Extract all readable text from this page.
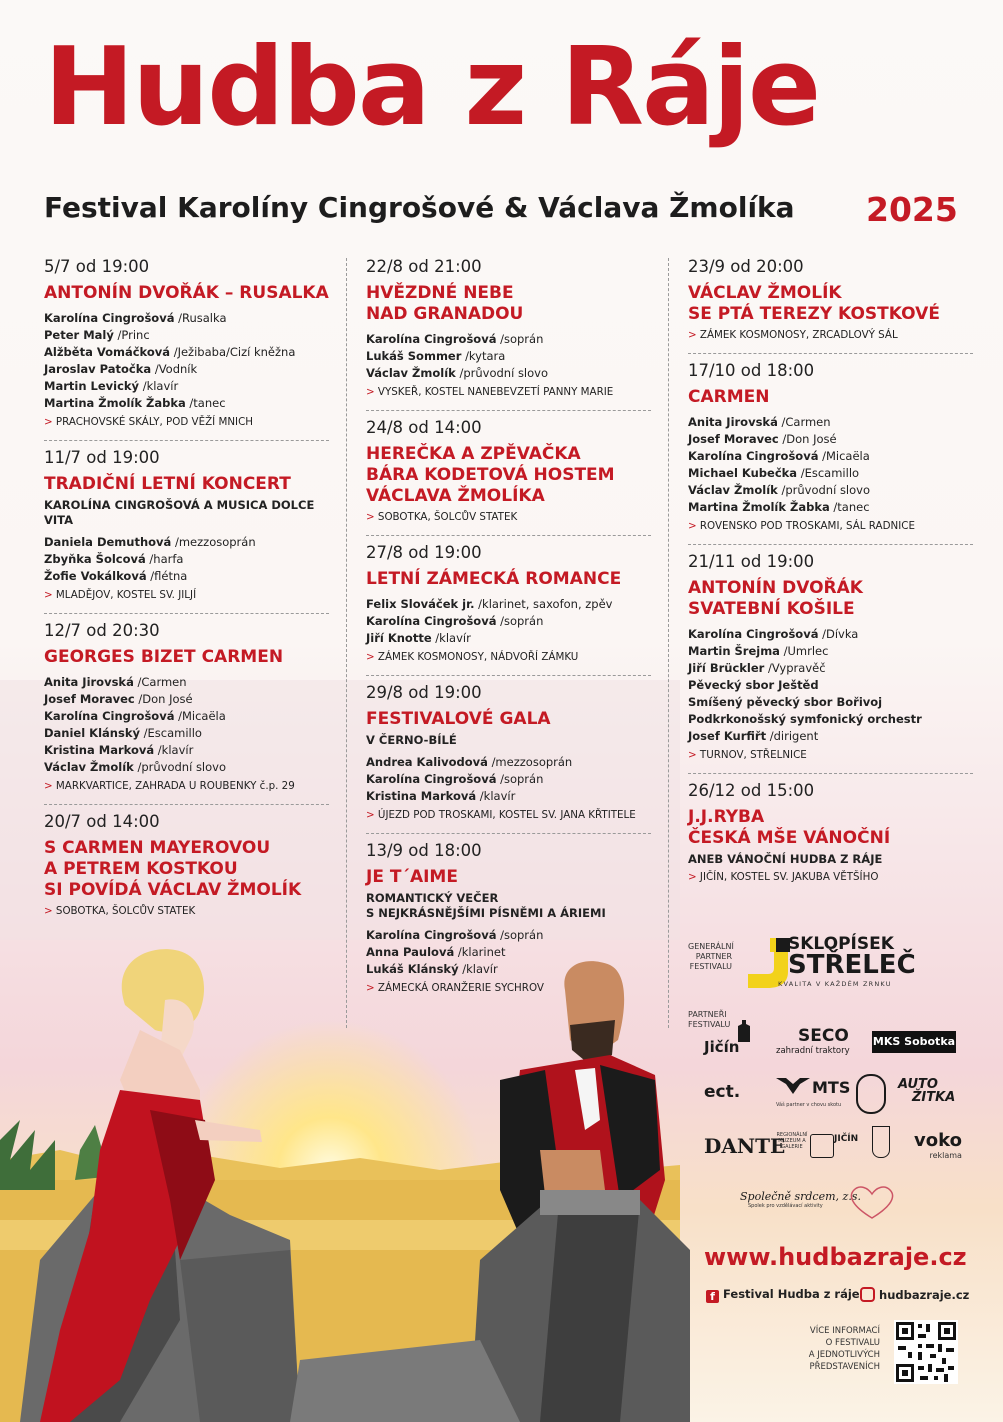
Hudba z Ráje
Festival Karolíny Cingrošové & Václava Žmolíka 2025
5/7 od 19:00
ANTONÍN DVOŘÁK – RUSALKA
Karolína Cingrošová /Rusalka
Peter Malý /Princ
Alžběta Vomáčková /Ježibaba/Cizí kněžna
Jaroslav Patočka /Vodník
Martin Levický /klavír
Martina Žmolík Žabka /tanec
> PRACHOVSKÉ SKÁLY, POD VĚŽÍ MNICH
11/7 od 19:00
TRADIČNÍ LETNÍ KONCERT
KAROLÍNA CINGROŠOVÁ A MUSICA DOLCE VITA
Daniela Demuthová /mezzosoprán
Zbyňka Šolcová /harfa
Žofie Vokálková /flétna
> MLADĚJOV, KOSTEL SV. JILJÍ
12/7 od 20:30
GEORGES BIZET CARMEN
Anita Jirovská /Carmen
Josef Moravec /Don José
Karolína Cingrošová /Micaëla
Daniel Klánský /Escamillo
Kristina Marková /klavír
Václav Žmolík /průvodní slovo
> MARKVARTICE, ZAHRADA U ROUBENKY č.p. 29
20/7 od 14:00
S CARMEN MAYEROVOU
A PETREM KOSTKOU
SI POVÍDÁ VÁCLAV ŽMOLÍK
> SOBOTKA, ŠOLCŮV STATEK
22/8 od 21:00
HVĚZDNÉ NEBE
NAD GRANADOU
Karolína Cingrošová /soprán
Lukáš Sommer /kytara
Václav Žmolík /průvodní slovo
> VYSKEŘ, KOSTEL NANEBEVZETÍ PANNY MARIE
24/8 od 14:00
HEREČKA A ZPĚVAČKA
BÁRA KODETOVÁ HOSTEM
VÁCLAVA ŽMOLÍKA
> SOBOTKA, ŠOLCŮV STATEK
27/8 od 19:00
LETNÍ ZÁMECKÁ ROMANCE
Felix Slováček jr. /klarinet, saxofon, zpěv
Karolína Cingrošová /soprán
Jiří Knotte /klavír
> ZÁMEK KOSMONOSY, NÁDVOŘÍ ZÁMKU
29/8 od 19:00
FESTIVALOVÉ GALA
V ČERNO-BÍLÉ
Andrea Kalivodová /mezzosoprán
Karolína Cingrošová /soprán
Kristina Marková /klavír
> ÚJEZD POD TROSKAMI, KOSTEL SV. JANA KŘTITELE
13/9 od 18:00
JE T´AIME
ROMANTICKÝ VEČER
S NEJKRÁSNĚJŠÍMI PÍSNĚMI A ÁRIEMI
Karolína Cingrošová /soprán
Anna Paulová /klarinet
Lukáš Klánský /klavír
> ZÁMECKÁ ORANŽERIE SYCHROV
23/9 od 20:00
VÁCLAV ŽMOLÍK
SE PTÁ TEREZY KOSTKOVÉ
> ZÁMEK KOSMONOSY, ZRCADLOVÝ SÁL
17/10 od 18:00
CARMEN
Anita Jirovská /Carmen
Josef Moravec /Don José
Karolína Cingrošová /Micaëla
Michael Kubečka /Escamillo
Václav Žmolík /průvodní slovo
Martina Žmolík Žabka /tanec
> ROVENSKO POD TROSKAMI, SÁL RADNICE
21/11 od 19:00
ANTONÍN DVOŘÁK
SVATEBNÍ KOŠILE
Karolína Cingrošová /Dívka
Martin Šrejma /Umrlec
Jiří Brückler /Vypravěč
Pěvecký sbor Ještěd
Smíšený pěvecký sbor Bořivoj
Podkrkonošský symfonický orchestr
Josef Kurfiřt /dirigent
> TURNOV, STŘELNICE
26/12 od 15:00
J.J.RYBA
ČESKÁ MŠE VÁNOČNÍ
ANEB VÁNOČNÍ HUDBA Z RÁJE
> JIČÍN, KOSTEL SV. JAKUBA VĚTŠÍHO
GENERÁLNÍ
PARTNER
FESTIVALU
SKLOPÍSEK
STŘELEČ
KVALITA V KAŽDÉM ZRNKU
PARTNEŘI
FESTIVALU
Jičín
SECO
zahradní traktory
MKS Sobotka
ect.	MTS
Váš partner v chovu skotu
AUTO
ŽITKA
DANTE
REGIONÁLNÍ MUZEUM A GALERIE
JIČÍN	voko
reklama
Společně srdcem, z.s.
Spolek pro vzdělávací aktivity
www.hudbazraje.cz
f Festival Hudba z ráje	hudbazraje.cz
VÍCE INFORMACÍ
O FESTIVALU
A JEDNOTLIVÝCH
PŘEDSTAVENÍCH
